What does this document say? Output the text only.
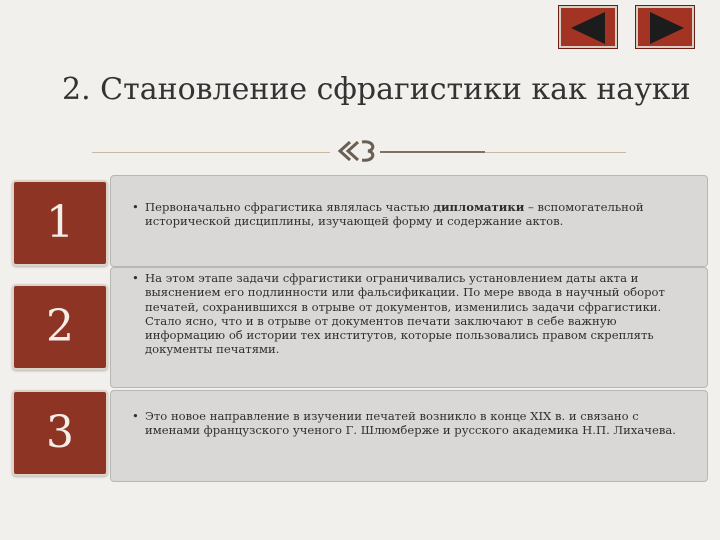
2. Становление сфрагистики как науки

• Первоначально сфрагистика являлась частью дипломатики – вспомогательной исторической дисциплины, изучающей форму и содержание актов.

1

• На этом этапе задачи сфрагистики ограничивались установлением даты акта и выяснением его подлинности или фальсификации. По мере ввода в научный оборот печатей, сохранившихся в отрыве от документов, изменились задачи сфрагистики. Стало ясно, что и в отрыве от документов печати заключают в себе важную информацию об истории тех институтов, которые пользовались правом скреплять документы печатями.

2

• Это новое направление в изучении печатей возникло в конце XIX в. и связано с именами французского ученого Г. Шлюмберже и русского академика Н.П. Лихачева.

3
